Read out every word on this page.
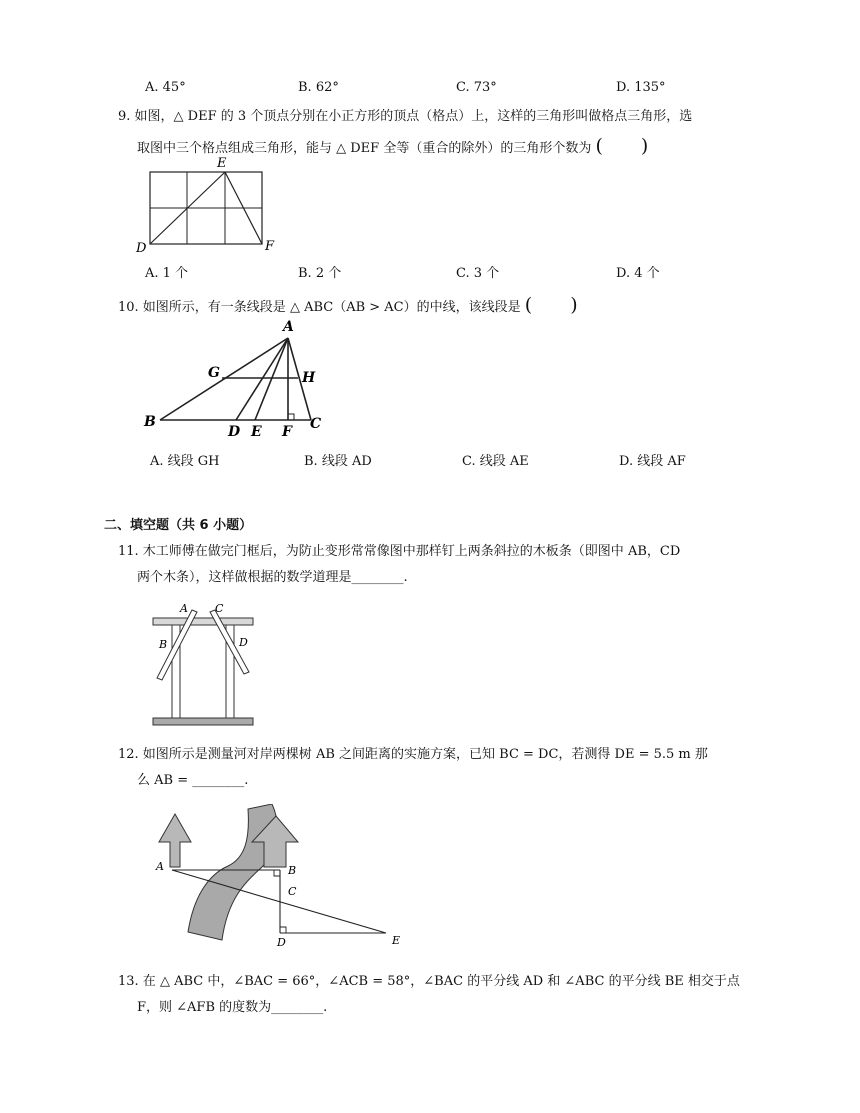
A. 45°	B. 62°	C. 73°	D. 135°
9. 如图，△ DEF 的 3 个顶点分别在小正方形的顶点（格点）上，这样的三角形叫做格点三角形，选
取图中三个格点组成三角形，能与 △ DEF 全等（重合的除外）的三角形个数为 (　　)
E
D	F
A. 1 个	B. 2 个	C. 3 个	D. 4 个
10. 如图所示，有一条线段是 △ ABC（AB > AC）的中线，该线段是 (　　)
A
G	H
B
D E F C
A. 线段 GH	B. 线段 AD	C. 线段 AE	D. 线段 AF
二、填空题（共 6 小题）
11. 木工师傅在做完门框后，为防止变形常常像图中那样钉上两条斜拉的木板条（即图中 AB，CD
两个木条），这样做根据的数学道理是________.
A C
B	D
12. 如图所示是测量河对岸两棵树 AB 之间距离的实施方案，已知 BC = DC，若测得 DE = 5.5 m 那
么 AB = ________.
A	B
C
D	E
13. 在 △ ABC 中，∠BAC = 66°，∠ACB = 58°，∠BAC 的平分线 AD 和 ∠ABC 的平分线 BE 相交于点
F，则 ∠AFB 的度数为________.
